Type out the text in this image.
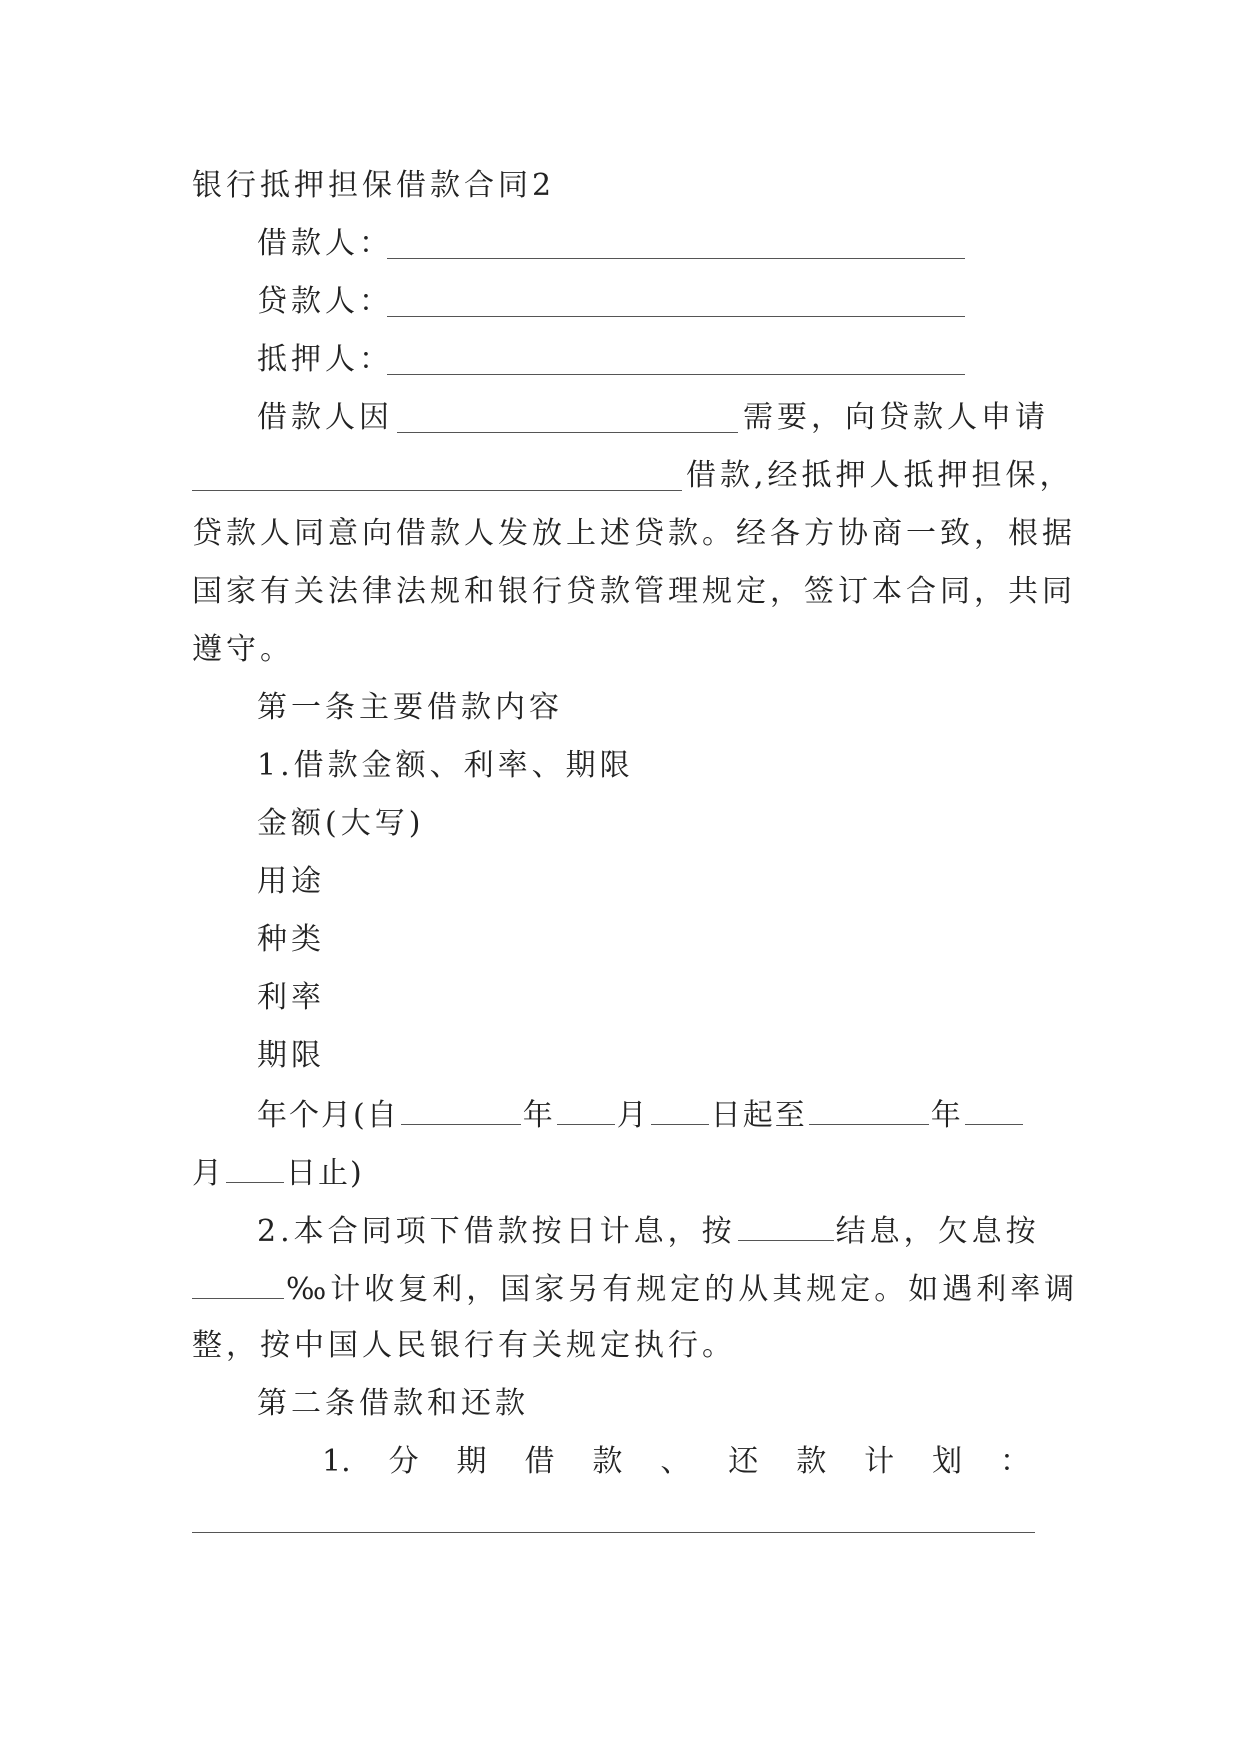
银行抵押担保借款合同2
借款人：
贷款人：
抵押人：
借款人因	需要，向贷款人申请
借款,经抵押人抵押担保，
贷款人同意向借款人发放上述贷款。经各方协商一致，根据
国家有关法律法规和银行贷款管理规定，签订本合同，共同
遵守。
第一条主要借款内容
1.借款金额、利率、期限
金额(大写)
用途
种类
利率
期限
年个月(自	年 月 日起至	年
月 日止)
2.本合同项下借款按日计息，按	结息，欠息按
‰计收复利，国家另有规定的从其规定。如遇利率调
整，按中国人民银行有关规定执行。
第二条借款和还款
1. 分 期 借 款 、 还 款 计 划 ：
